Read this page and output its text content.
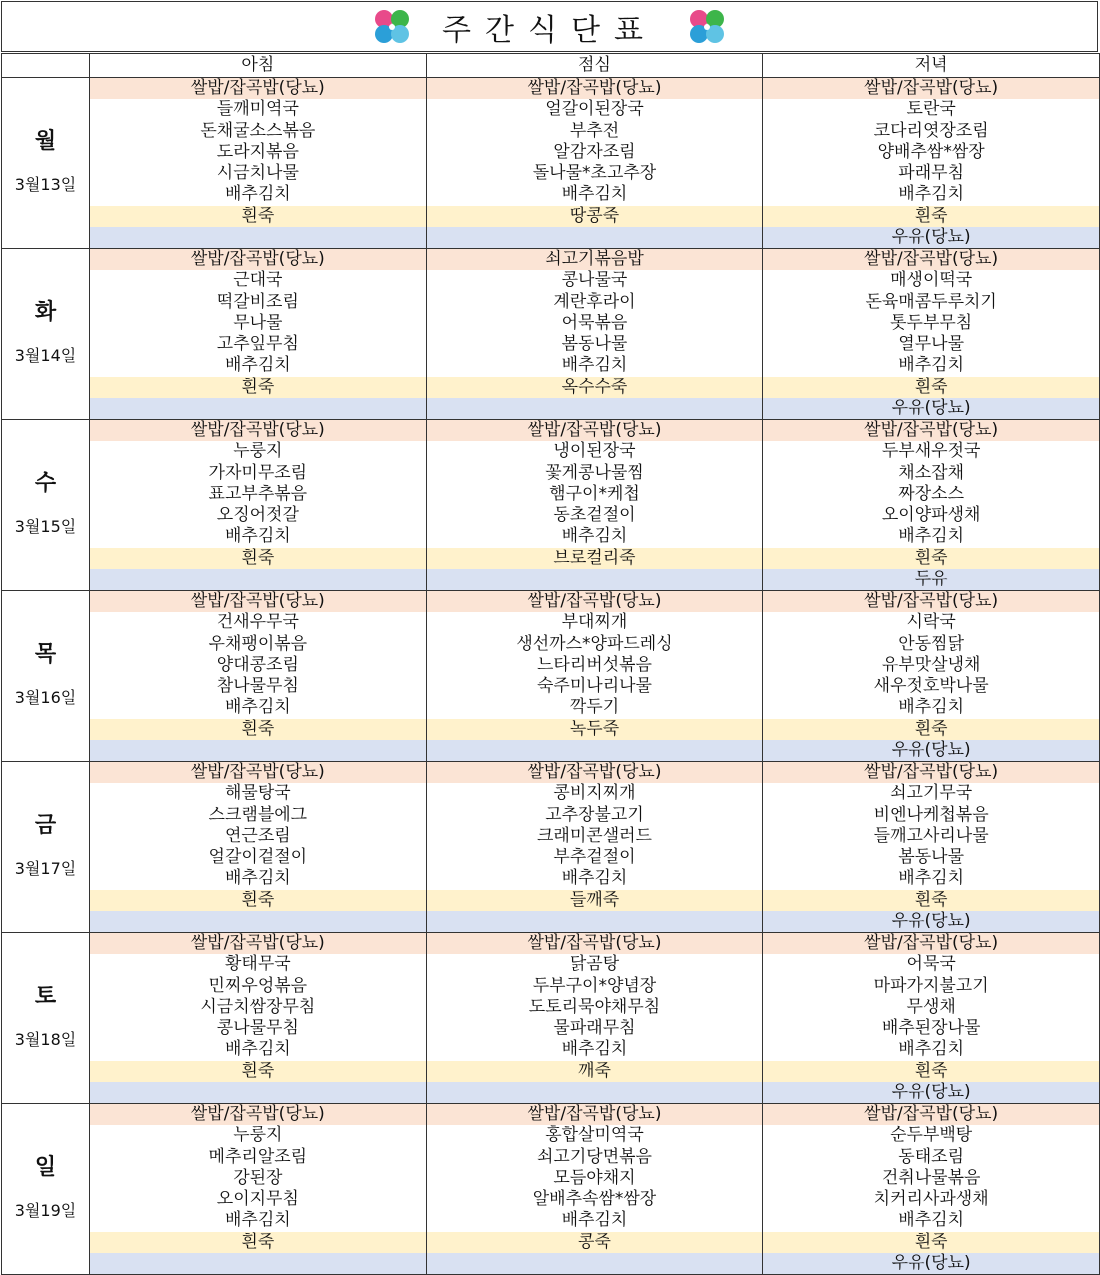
주간식단표
	아침	점심	저녁

월
3월13일	쌀밥/잡곡밥(당뇨)	쌀밥/잡곡밥(당뇨)	쌀밥/잡곡밥(당뇨)
	들깨미역국	얼갈이된장국	토란국
	돈채굴소스볶음	부추전	코다리엿장조림
	도라지볶음	알감자조림	양배추쌈*쌈장
	시금치나물	돌나물*초고추장	파래무침
	배추김치	배추김치	배추김치
	흰죽	땅콩죽	흰죽
			우유(당뇨)

화
3월14일	쌀밥/잡곡밥(당뇨)	쇠고기볶음밥	쌀밥/잡곡밥(당뇨)
	근대국	콩나물국	매생이떡국
	떡갈비조림	계란후라이	돈육매콤두루치기
	무나물	어묵볶음	톳두부무침
	고추잎무침	봄동나물	열무나물
	배추김치	배추김치	배추김치
	흰죽	옥수수죽	흰죽
			우유(당뇨)

수
3월15일	쌀밥/잡곡밥(당뇨)	쌀밥/잡곡밥(당뇨)	쌀밥/잡곡밥(당뇨)
	누룽지	냉이된장국	두부새우젓국
	가자미무조림	꽃게콩나물찜	채소잡채
	표고부추볶음	햄구이*케첩	짜장소스
	오징어젓갈	동초겉절이	오이양파생채
	배추김치	배추김치	배추김치
	흰죽	브로컬리죽	흰죽
			두유

목
3월16일	쌀밥/잡곡밥(당뇨)	쌀밥/잡곡밥(당뇨)	쌀밥/잡곡밥(당뇨)
	건새우무국	부대찌개	시락국
	우채팽이볶음	생선까스*양파드레싱	안동찜닭
	양대콩조림	느타리버섯볶음	유부맛살냉채
	참나물무침	숙주미나리나물	새우젓호박나물
	배추김치	깍두기	배추김치
	흰죽	녹두죽	흰죽
			우유(당뇨)

금
3월17일	쌀밥/잡곡밥(당뇨)	쌀밥/잡곡밥(당뇨)	쌀밥/잡곡밥(당뇨)
	해물탕국	콩비지찌개	쇠고기무국
	스크램블에그	고추장불고기	비엔나케첩볶음
	연근조림	크래미콘샐러드	들깨고사리나물
	얼갈이겉절이	부추겉절이	봄동나물
	배추김치	배추김치	배추김치
	흰죽	들깨죽	흰죽
			우유(당뇨)

토
3월18일	쌀밥/잡곡밥(당뇨)	쌀밥/잡곡밥(당뇨)	쌀밥/잡곡밥(당뇨)
	황태무국	닭곰탕	어묵국
	민찌우엉볶음	두부구이*양념장	마파가지불고기
	시금치쌈장무침	도토리묵야채무침	무생채
	콩나물무침	물파래무침	배추된장나물
	배추김치	배추김치	배추김치
	흰죽	깨죽	흰죽
			우유(당뇨)

일
3월19일	쌀밥/잡곡밥(당뇨)	쌀밥/잡곡밥(당뇨)	쌀밥/잡곡밥(당뇨)
	누룽지	홍합살미역국	순두부백탕
	메추리알조림	쇠고기당면볶음	동태조림
	강된장	모듬야채지	건취나물볶음
	오이지무침	알배추속쌈*쌈장	치커리사과생채
	배추김치	배추김치	배추김치
	흰죽	콩죽	흰죽
			우유(당뇨)
